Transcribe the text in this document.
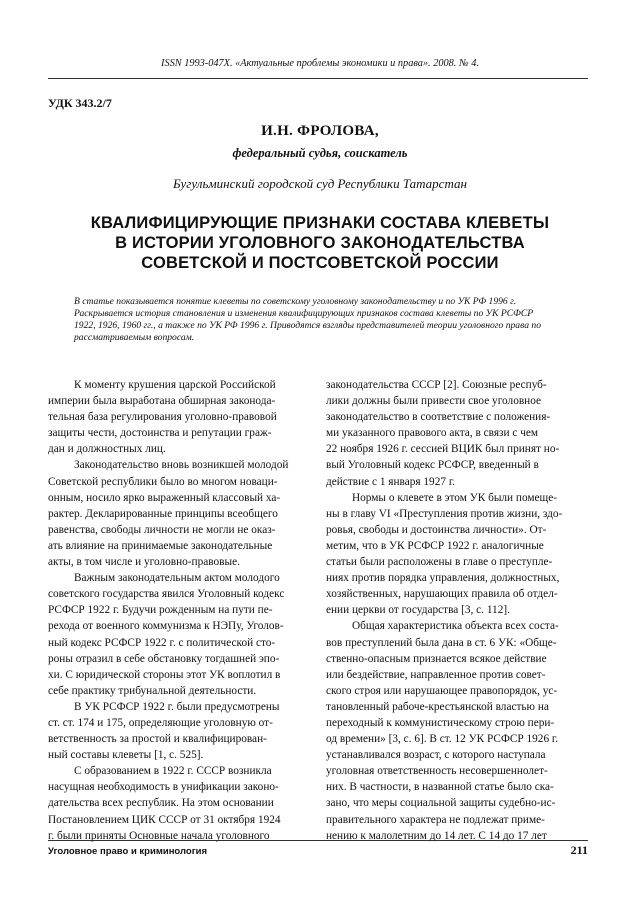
ISSN 1993-047X. «Актуальные проблемы экономики и права». 2008. № 4.
УДК 343.2/7
И.Н. ФРОЛОВА,
федеральный судья, соискатель
Бугульминский городской суд Республики Татарстан
КВАЛИФИЦИРУЮЩИЕ ПРИЗНАКИ СОСТАВА КЛЕВЕТЫ
В ИСТОРИИ УГОЛОВНОГО ЗАКОНОДАТЕЛЬСТВА
СОВЕТСКОЙ И ПОСТСОВЕТСКОЙ РОССИИ
В статье показывается понятие клеветы по советскому уголовному законодательству и по УК РФ 1996 г.
Раскрывается история становления и изменения квалифицирующих признаков состава клеветы по УК РСФСР
1922, 1926, 1960 гг., а также по УК РФ 1996 г. Приводятся взгляды представителей теории уголовного права по
рассматриваемым вопросам.
К моменту крушения царской Российской
империи была выработана обширная законода-
тельная база регулирования уголовно-правовой
защиты чести, достоинства и репутации граж-
дан и должностных лиц.
Законодательство вновь возникшей молодой
Советской республики было во многом новаци-
онным, носило ярко выраженный классовый ха-
рактер. Декларированные принципы всеобщего
равенства, свободы личности не могли не оказ-
ать влияние на принимаемые законодательные
акты, в том числе и уголовно-правовые.
Важным законодательным актом молодого
советского государства явился Уголовный кодекс
РСФСР 1922 г. Будучи рожденным на пути пе-
рехода от военного коммунизма к НЭПу, Уголов-
ный кодекс РСФСР 1922 г. с политической сто-
роны отразил в себе обстановку тогдашней эпо-
хи. С юридической стороны этот УК воплотил в
себе практику трибунальной деятельности.
В УК РСФСР 1922 г. были предусмотрены
ст. ст. 174 и 175, определяющие уголовную от-
ветственность за простой и квалифицирован-
ный составы клеветы [1, с. 525].
С образованием в 1922 г. СССР возникла
насущная необходимость в унификации законо-
дательства всех республик. На этом основании
Постановлением ЦИК СССР от 31 октября 1924
г. были приняты Основные начала уголовного
законодательства СССР [2]. Союзные респуб-
лики должны были привести свое уголовное
законодательство в соответствие с положения-
ми указанного правового акта, в связи с чем
22 ноября 1926 г. сессией ВЦИК был принят но-
вый Уголовный кодекс РСФСР, введенный в
действие с 1 января 1927 г.
Нормы о клевете в этом УК были помеще-
ны в главу VI «Преступления против жизни, здо-
ровья, свободы и достоинства личности». От-
метим, что в УК РСФСР 1922 г. аналогичные
статьи были расположены в главе о преступле-
ниях против порядка управления, должностных,
хозяйственных, нарушающих правила об отдел-
ении церкви от государства [3, с. 112].
Общая характеристика объекта всех соста-
вов преступлений была дана в ст. 6 УК: «Обще-
ственно-опасным признается всякое действие
или бездействие, направленное против совет-
ского строя или нарушающее правопорядок, ус-
тановленный рабоче-крестьянской властью на
переходный к коммунистическому строю пери-
од времени» [3, с. 6]. В ст. 12 УК РСФСР 1926 г.
устанавливался возраст, с которого наступала
уголовная ответственность несовершеннолет-
них. В частности, в названной статье было ска-
зано, что меры социальной защиты судебно-ис-
правительного характера не подлежат приме-
нению к малолетним до 14 лет. С 14 до 17 лет
Уголовное право и криминология	211
